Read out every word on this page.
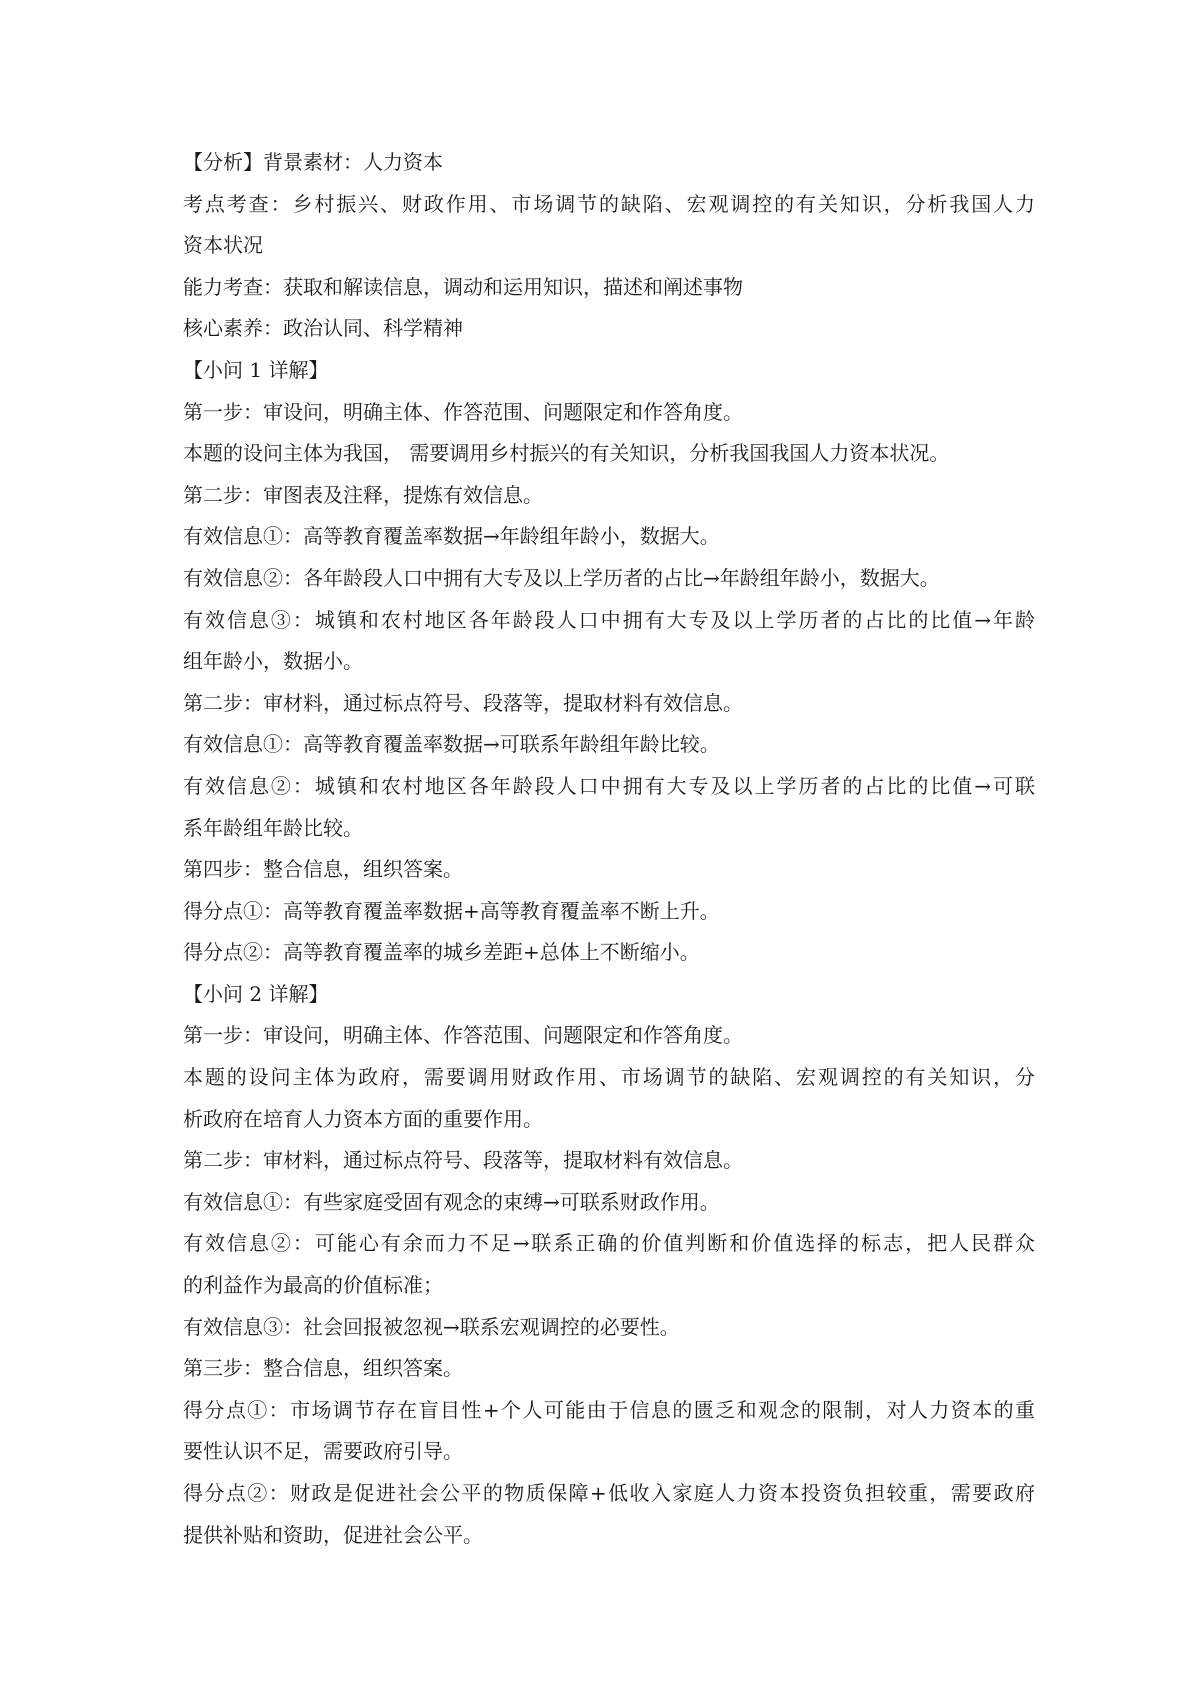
【分析】背景素材：人力资本
考点考查：乡村振兴、财政作用、市场调节的缺陷、宏观调控的有关知识，分析我国人力
资本状况
能力考查：获取和解读信息，调动和运用知识，描述和阐述事物
核心素养：政治认同、科学精神
【小问 1 详解】
第一步：审设问，明确主体、作答范围、问题限定和作答角度。
本题的设问主体为我国， 需要调用乡村振兴的有关知识，分析我国我国人力资本状况。
第二步：审图表及注释，提炼有效信息。
有效信息①：高等教育覆盖率数据→年龄组年龄小，数据大。
有效信息②：各年龄段人口中拥有大专及以上学历者的占比→年龄组年龄小，数据大。
有效信息③：城镇和农村地区各年龄段人口中拥有大专及以上学历者的占比的比值→年龄
组年龄小，数据小。
第二步：审材料，通过标点符号、段落等，提取材料有效信息。
有效信息①：高等教育覆盖率数据→可联系年龄组年龄比较。
有效信息②：城镇和农村地区各年龄段人口中拥有大专及以上学历者的占比的比值→可联
系年龄组年龄比较。
第四步：整合信息，组织答案。
得分点①：高等教育覆盖率数据+高等教育覆盖率不断上升。
得分点②：高等教育覆盖率的城乡差距+总体上不断缩小。
【小问 2 详解】
第一步：审设问，明确主体、作答范围、问题限定和作答角度。
本题的设问主体为政府，需要调用财政作用、市场调节的缺陷、宏观调控的有关知识，分
析政府在培育人力资本方面的重要作用。
第二步：审材料，通过标点符号、段落等，提取材料有效信息。
有效信息①：有些家庭受固有观念的束缚→可联系财政作用。
有效信息②：可能心有余而力不足→联系正确的价值判断和价值选择的标志，把人民群众
的利益作为最高的价值标准；
有效信息③：社会回报被忽视→联系宏观调控的必要性。
第三步：整合信息，组织答案。
得分点①：市场调节存在盲目性+个人可能由于信息的匮乏和观念的限制，对人力资本的重
要性认识不足，需要政府引导。
得分点②：财政是促进社会公平的物质保障+低收入家庭人力资本投资负担较重，需要政府
提供补贴和资助，促进社会公平。
